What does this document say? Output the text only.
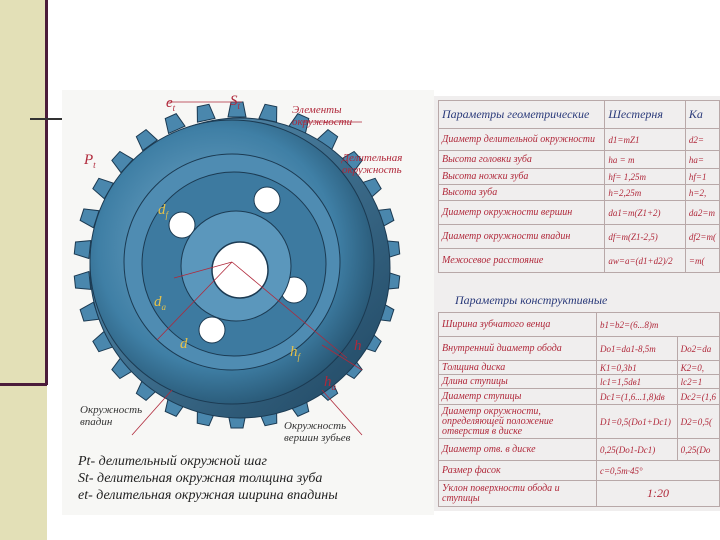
$e_t$	$S_t$
$P_t$
Элементы окружности
Делительная окружность
$d_f$
$d_a$
d	h
$h_f$
$h_a$
Окружность впадин	Окружность вершин зубьев
Pt- делительный окружной шаг
St- делительная окружная толщина зуба
et- делительная окружная ширина впадины
Параметры геометрические	Шестерня	Ка
Диаметр делительной окружности	d1=mZ1	d2=
Высота головки зуба	ha = m	ha=
Высота ножки зуба	hf= 1,25m	hf=1
Высота зуба	h=2,25m	h=2,
Диаметр окружности вершин	da1=m(Z1+2)	da2=m
Диаметр окружности впадин	df=m(Z1-2,5)	df2=m(
Межосевое расстояние	aw=a=(d1+d2)/2	=m(
Параметры конструктивные
Ширина зубчатого венца	b1=b2=(6...8)m	
Внутренний диаметр обода	Do1=da1-8,5m	Do2=da
Толщина диска	K1=0,3b1	K2=0,
Длина ступицы	lc1=1,5dв1	lc2=1
Диаметр ступицы	Dc1=(1,6...1,8)dв	Dc2=(1,6
Диаметр окружности, определяющей положение отверстия в диске	D1=0,5(Do1+Dc1)	D2=0,5(
Диаметр отв. в диске	0,25(Do1-Dc1)	0,25(Do
Размер фасок	c=0,5m·45°	
Уклон поверхности обода и ступицы	1:20	
